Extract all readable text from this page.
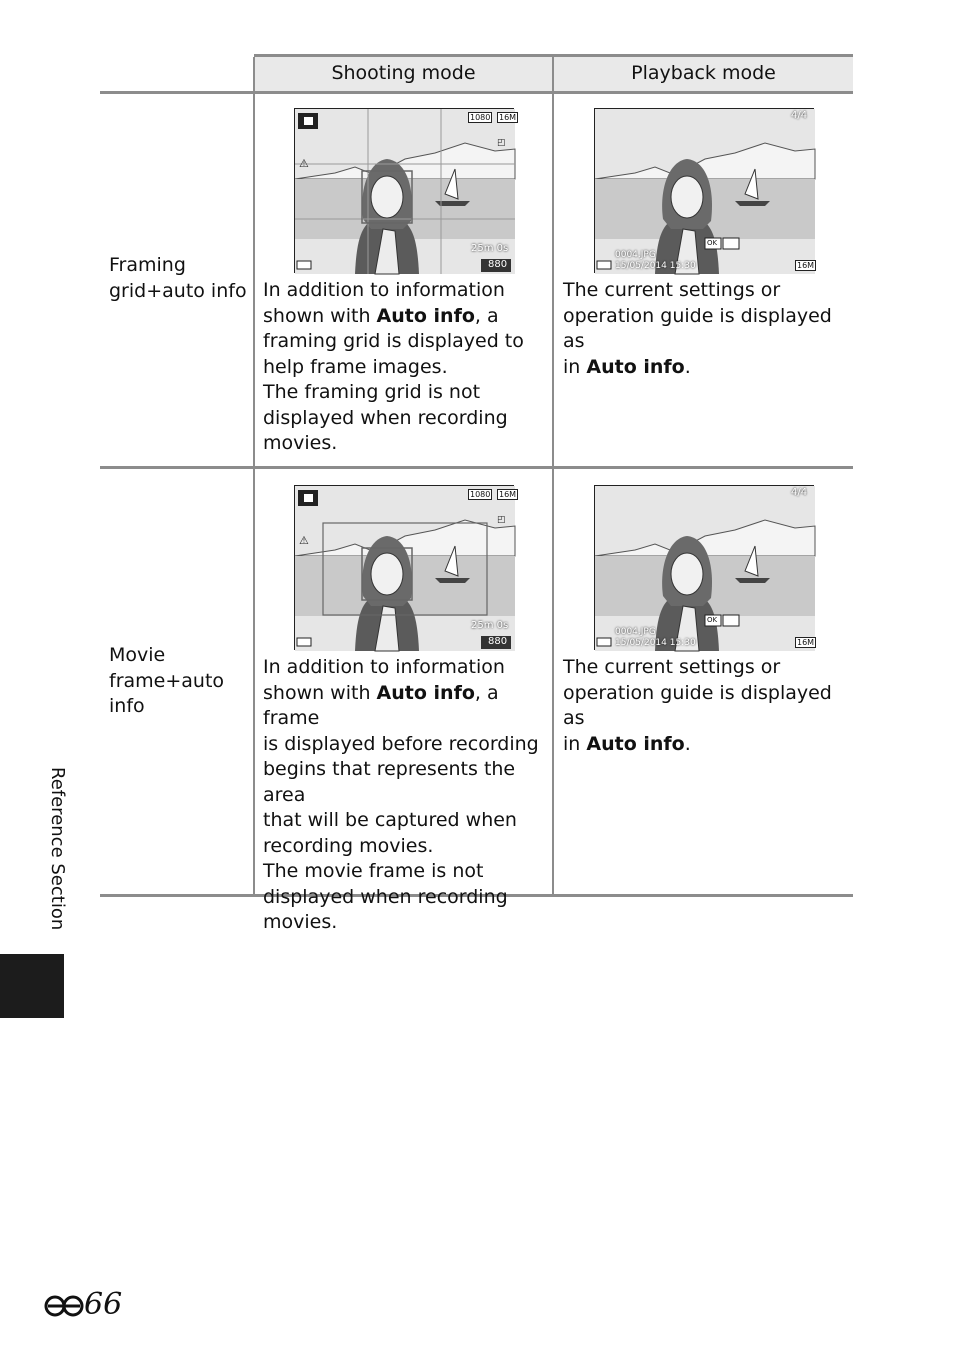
Shooting mode	Playback mode
Framing
grid+auto info
⚠
◰
1080 16M
25m 0s
880
4/4
0004.JPG
15/05/2014 15:30
OK
16M
In addition to information
shown with Auto info, a
framing grid is displayed to
help frame images.
The framing grid is not
displayed when recording
movies.
The current settings or
operation guide is displayed as
in Auto info.
Movie
frame+auto
info
⚠
◰
1080 16M
25m 0s
880
4/4
0004.JPG
15/05/2014 15:30
OK
16M
In addition to information
shown with Auto info, a frame
is displayed before recording
begins that represents the area
that will be captured when
recording movies.
The movie frame is not
displayed when recording
movies.
The current settings or
operation guide is displayed as
in Auto info.
Reference Section
66
